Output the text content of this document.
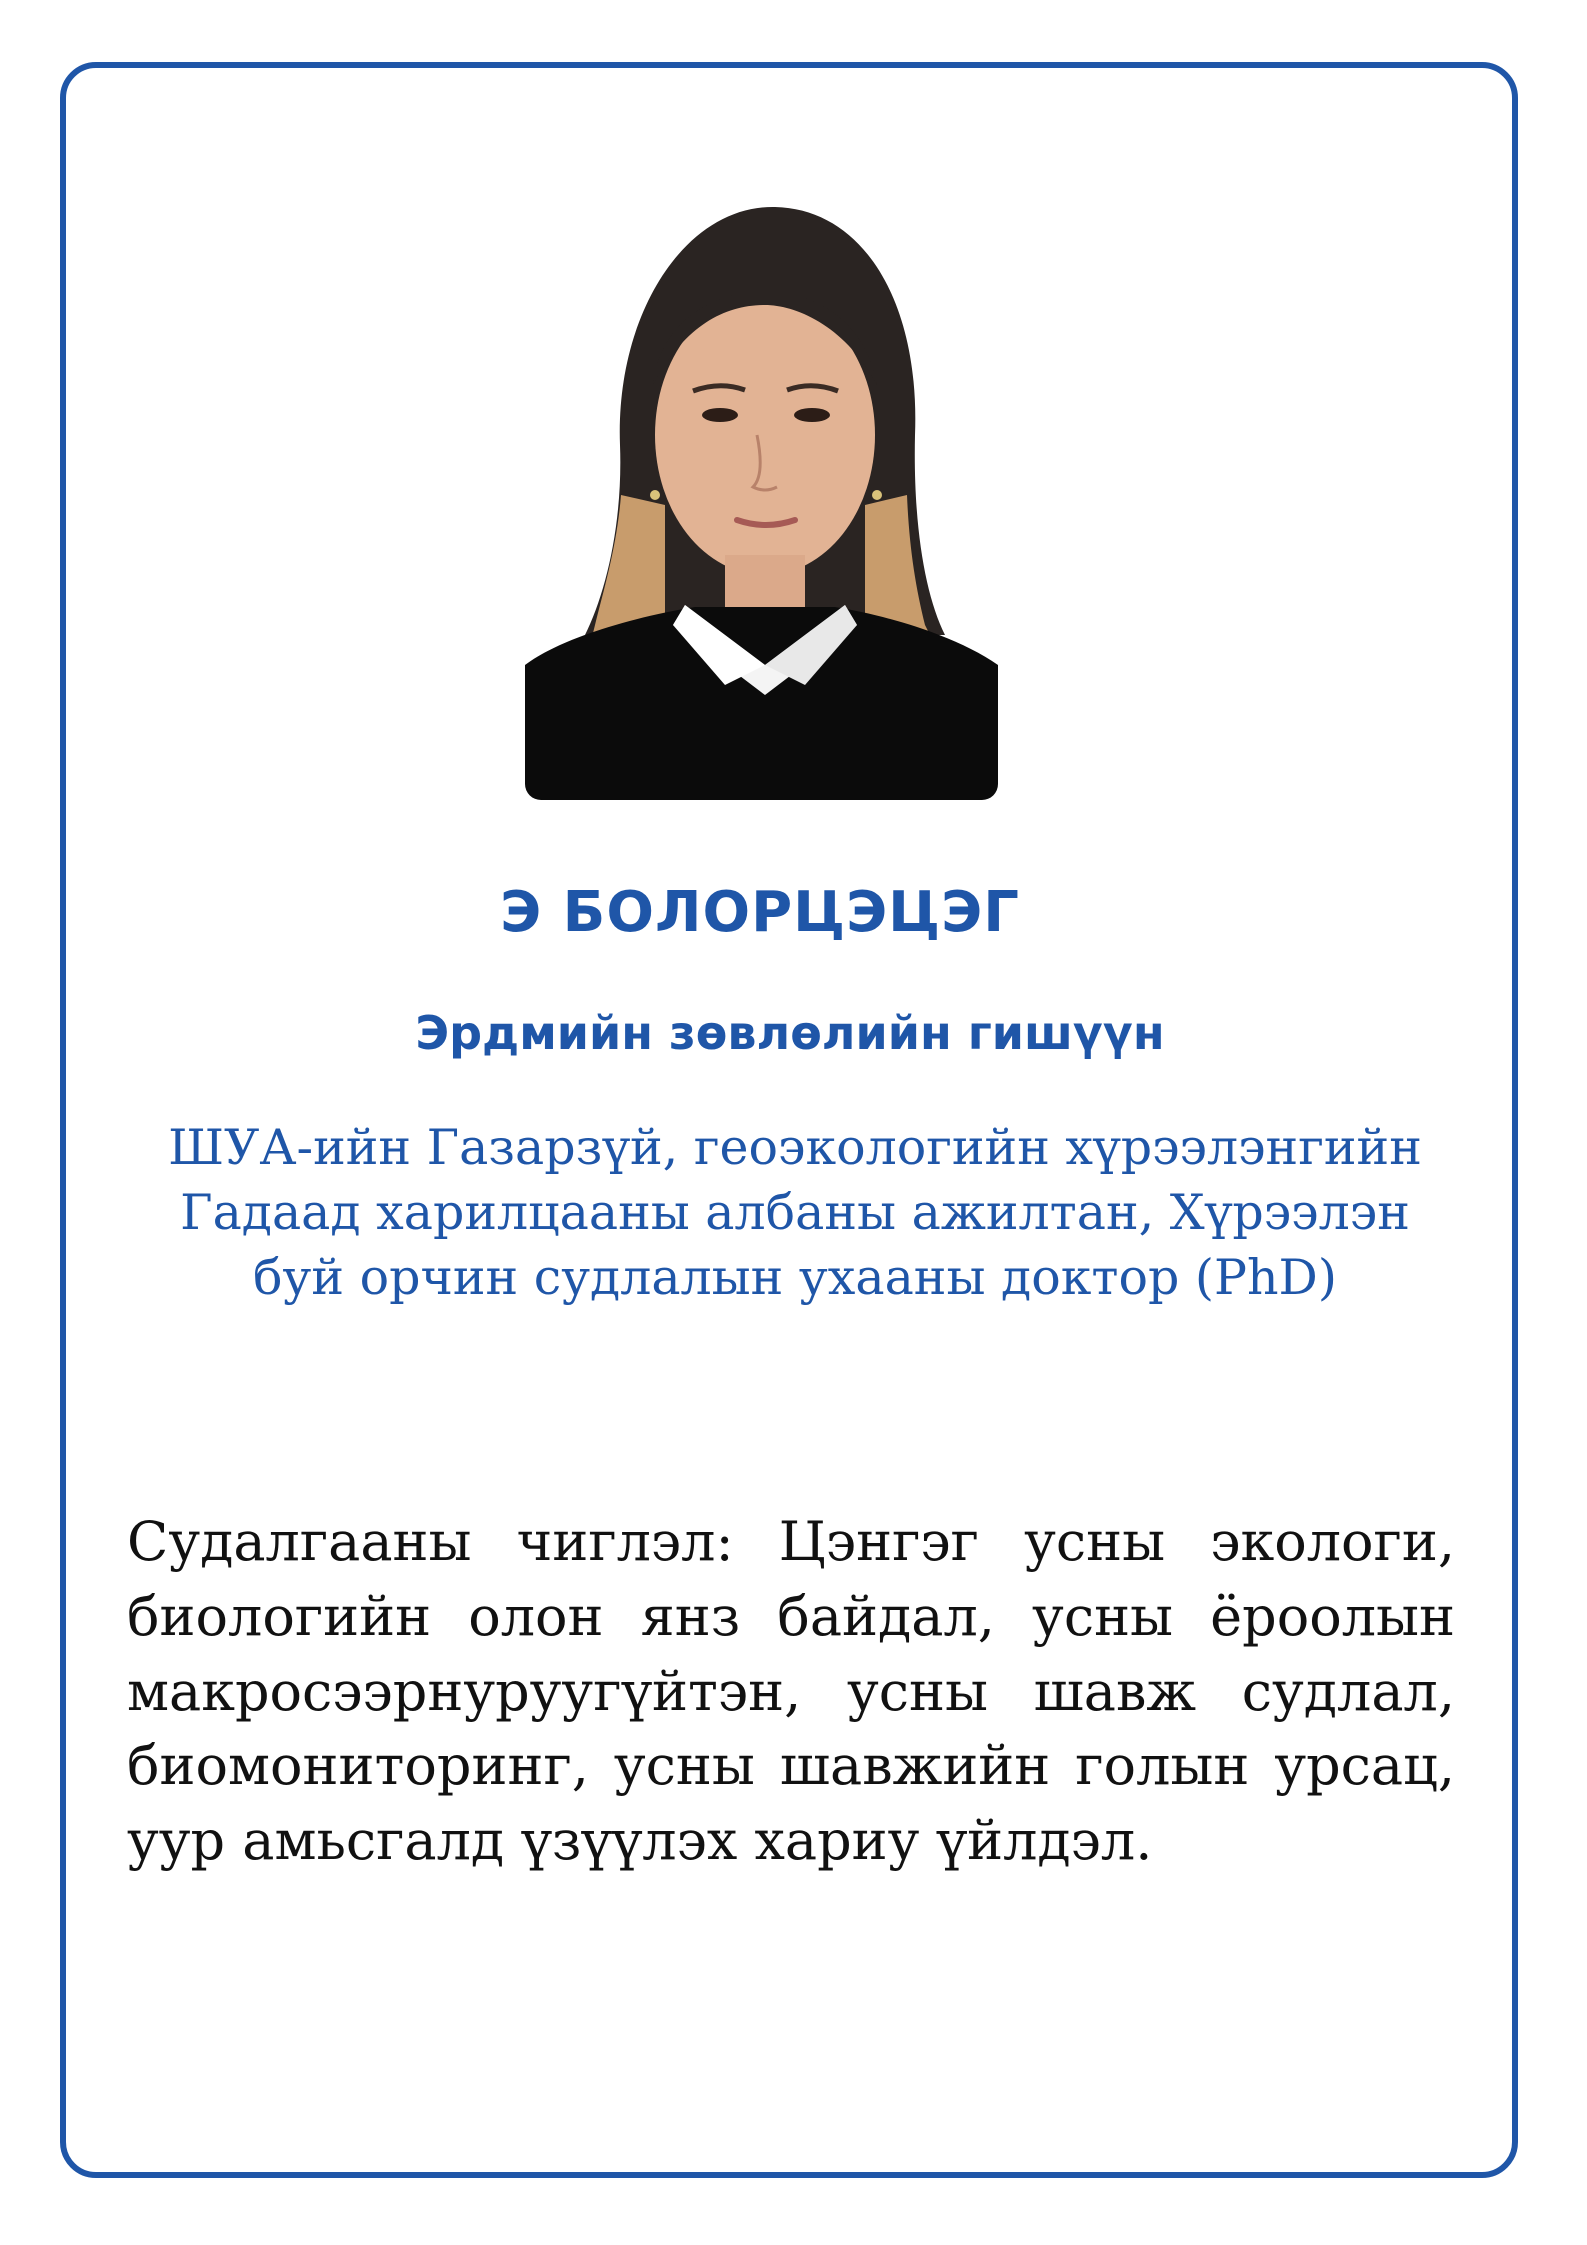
Э БОЛОРЦЭЦЭГ
Эрдмийн зөвлөлийн гишүүн
ШУА-ийн Газарзүй, геоэкологийн хүрээлэнгийн Гадаад харилцааны албаны ажилтан, Хүрээлэн буй орчин судлалын ухааны доктор (PhD)
Судалгааны чиглэл: Цэнгэг усны экологи, биологийн олон янз байдал, усны ёроолын макросээрнуруугүйтэн, усны шавж судлал, биомониторинг, усны шавжийн голын урсац, уур амьсгалд үзүүлэх хариу үйлдэл.
